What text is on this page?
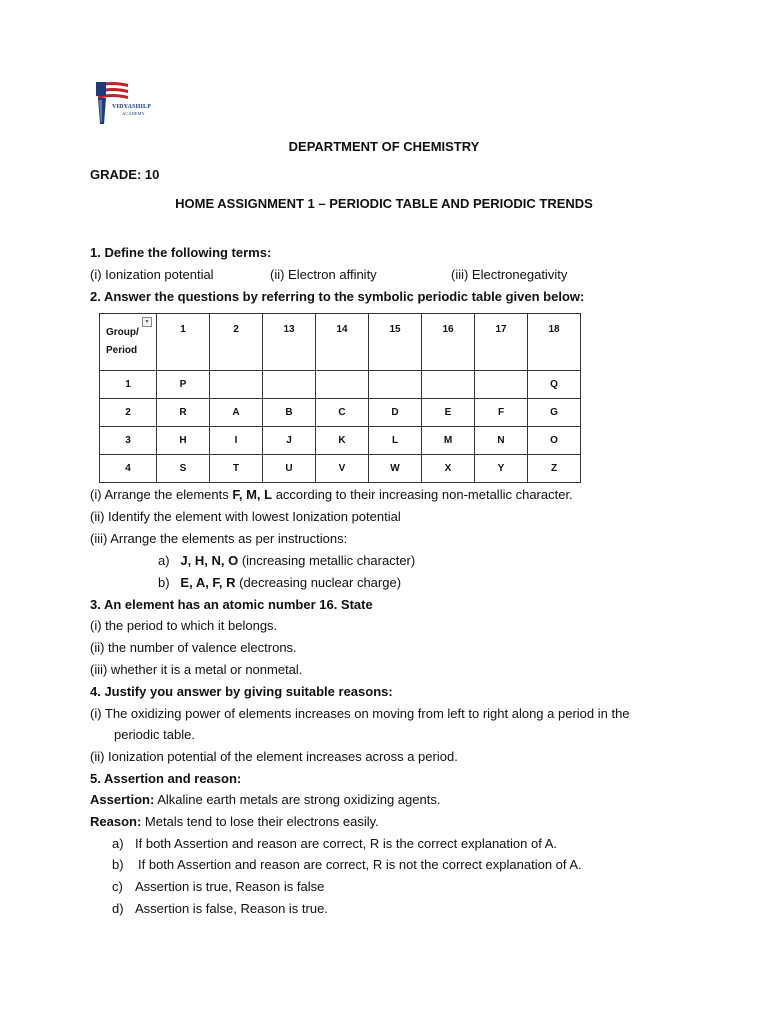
VIDYASHILP
ACADEMY
DEPARTMENT OF CHEMISTRY
GRADE: 10
HOME ASSIGNMENT 1 – PERIODIC TABLE AND PERIODIC TRENDS
1. Define the following terms:
(i) Ionization potential	(ii) Electron affinity	(iii) Electronegativity
2. Answer the questions by referring to the symbolic periodic table given below:
Group/
Period
▾	1	2	13	14	15	16	17	18
1	P							Q
2	R	A	B	C	D	E	F	G
3	H	I	J	K	L	M	N	O
4	S	T	U	V	W	X	Y	Z
(i) Arrange the elements F, M, L according to their increasing non-metallic character.
(ii) Identify the element with lowest Ionization potential
(iii) Arrange the elements as per instructions:
a) J, H, N, O (increasing metallic character)
b) E, A, F, R (decreasing nuclear charge)
3. An element has an atomic number 16. State
(i) the period to which it belongs.
(ii) the number of valence electrons.
(iii) whether it is a metal or nonmetal.
4. Justify you answer by giving suitable reasons:
(i) The oxidizing power of elements increases on moving from left to right along a period in the
periodic table.
(ii) Ionization potential of the element increases across a period.
5. Assertion and reason:
Assertion: Alkaline earth metals are strong oxidizing agents.
Reason: Metals tend to lose their electrons easily.
a) If both Assertion and reason are correct, R is the correct explanation of A.
b) If both Assertion and reason are correct, R is not the correct explanation of A.
c) Assertion is true, Reason is false
d) Assertion is false, Reason is true.
